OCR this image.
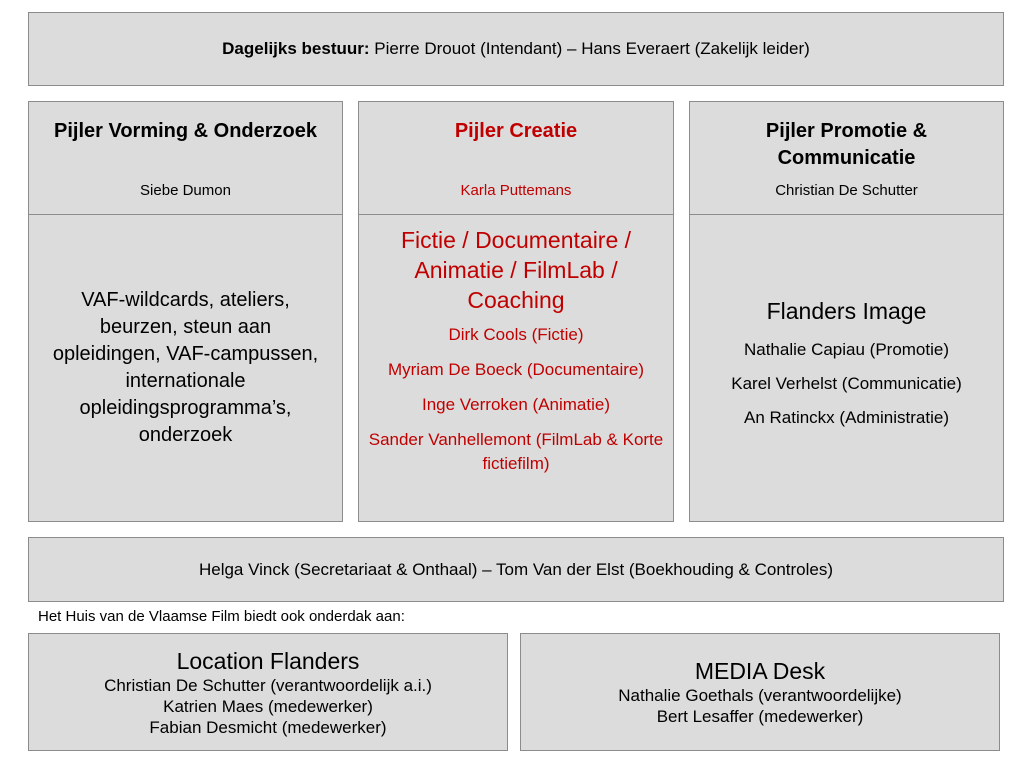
Dagelijks bestuur: Pierre Drouot (Intendant) – Hans Everaert (Zakelijk leider)
Pijler Vorming & Onderzoek
Siebe Dumon
VAF-wildcards, ateliers, beurzen, steun aan opleidingen, VAF-campussen, internationale opleidingsprogramma’s, onderzoek
Pijler Creatie
Karla Puttemans
Fictie / Documentaire / Animatie / FilmLab / Coaching
Dirk Cools (Fictie)
Myriam De Boeck (Documentaire)
Inge Verroken (Animatie)
Sander Vanhellemont (FilmLab & Korte fictiefilm)
Pijler Promotie & Communicatie
Christian De Schutter
Flanders Image
Nathalie Capiau (Promotie)
Karel Verhelst (Communicatie)
An Ratinckx (Administratie)
Helga Vinck (Secretariaat & Onthaal) – Tom Van der Elst (Boekhouding & Controles)
Het Huis van de Vlaamse Film biedt ook onderdak aan:
Location Flanders
Christian De Schutter (verantwoordelijk a.i.)
Katrien Maes (medewerker)
Fabian Desmicht (medewerker)
MEDIA Desk
Nathalie Goethals (verantwoordelijke)
Bert Lesaffer (medewerker)
